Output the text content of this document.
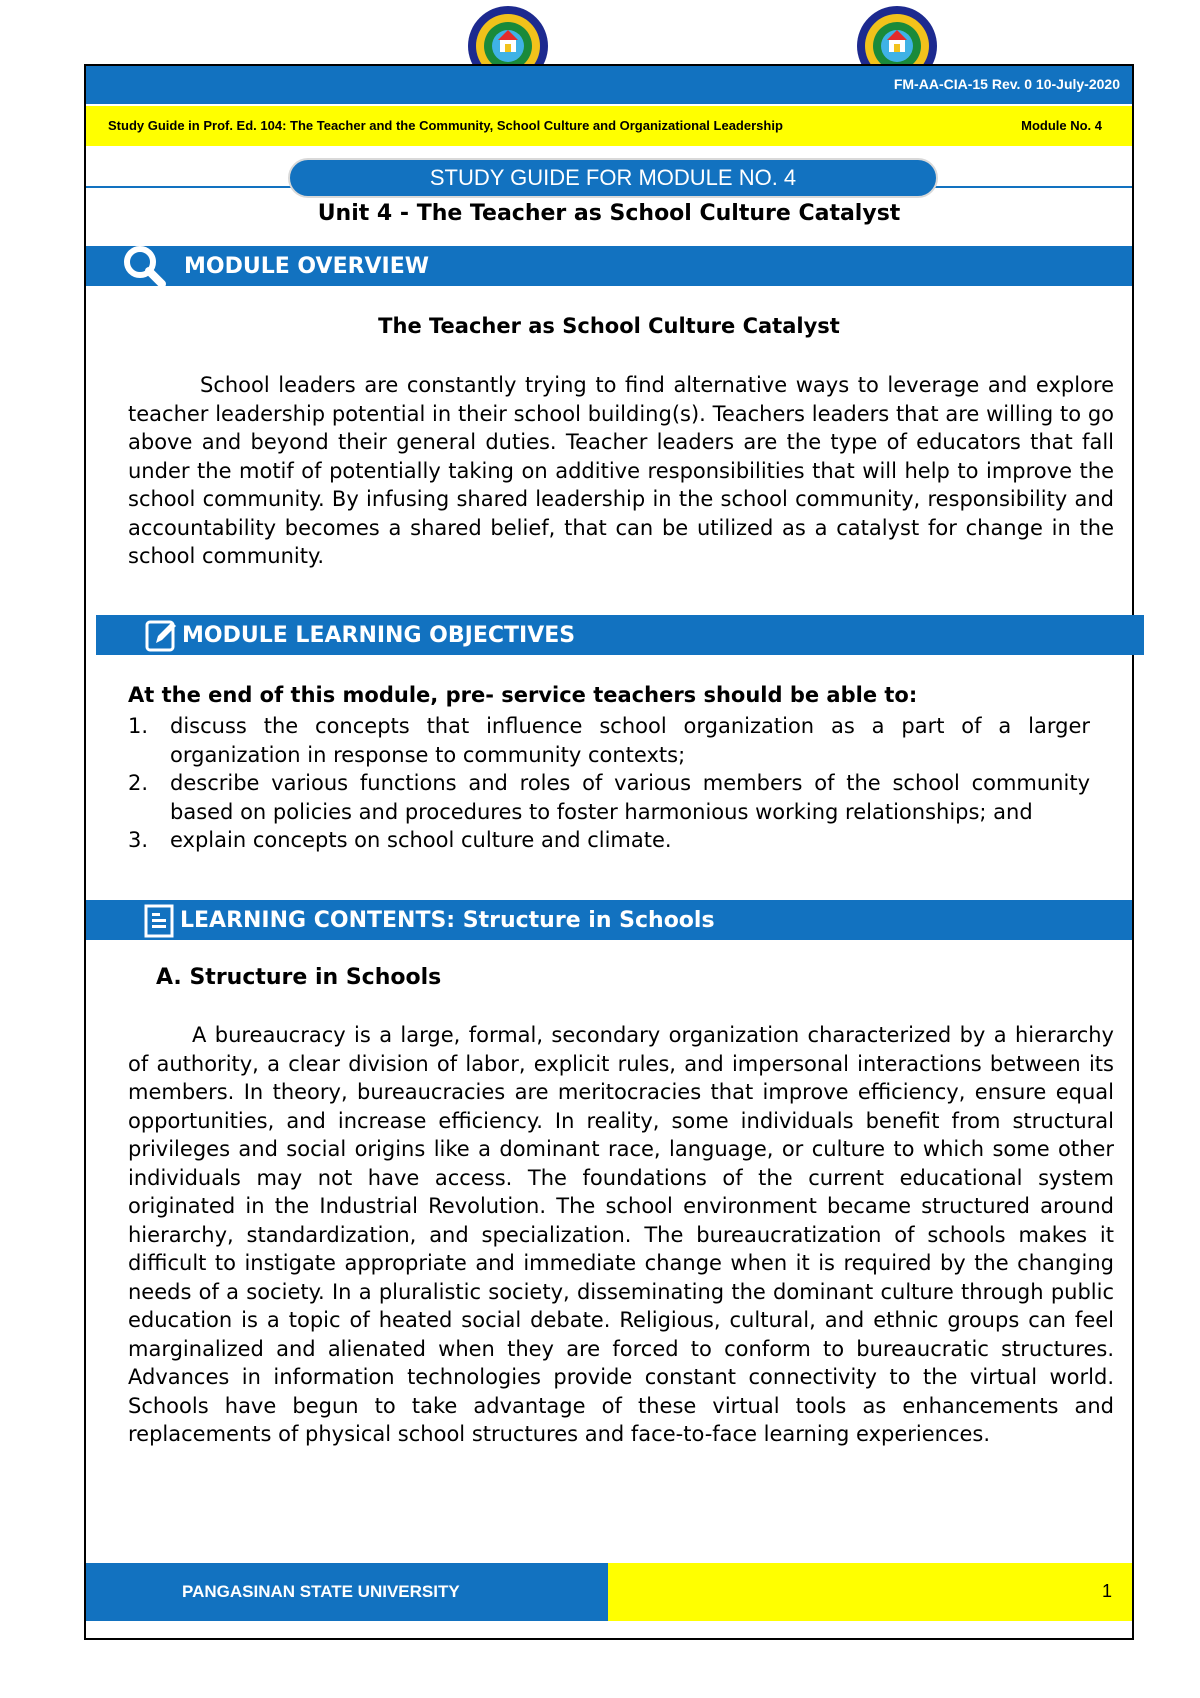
FM-AA-CIA-15 Rev. 0 10-July-2020
Study Guide in Prof. Ed. 104: The Teacher and the Community, School Culture and Organizational Leadership	Module No. 4
STUDY GUIDE FOR MODULE NO. 4
Unit 4 - The Teacher as School Culture Catalyst
MODULE OVERVIEW
The Teacher as School Culture Catalyst
School leaders are constantly trying to find alternative ways to leverage and explore teacher leadership potential in their school building(s). Teachers leaders that are willing to go above and beyond their general duties. Teacher leaders are the type of educators that fall under the motif of potentially taking on additive responsibilities that will help to improve the school community. By infusing shared leadership in the school community, responsibility and accountability becomes a shared belief, that can be utilized as a catalyst for change in the school community.
MODULE LEARNING OBJECTIVES
At the end of this module, pre- service teachers should be able to:
1. discuss the concepts that influence school organization as a part of a larger organization in response to community contexts;
2. describe various functions and roles of various members of the school community based on policies and procedures to foster harmonious working relationships; and
3. explain concepts on school culture and climate.
LEARNING CONTENTS: Structure in Schools
A. Structure in Schools
A bureaucracy is a large, formal, secondary organization characterized by a hierarchy of authority, a clear division of labor, explicit rules, and impersonal interactions between its members. In theory, bureaucracies are meritocracies that improve efficiency, ensure equal opportunities, and increase efficiency. In reality, some individuals benefit from structural privileges and social origins like a dominant race, language, or culture to which some other individuals may not have access. The foundations of the current educational system originated in the Industrial Revolution. The school environment became structured around hierarchy, standardization, and specialization. The bureaucratization of schools makes it difficult to instigate appropriate and immediate change when it is required by the changing needs of a society. In a pluralistic society, disseminating the dominant culture through public education is a topic of heated social debate. Religious, cultural, and ethnic groups can feel marginalized and alienated when they are forced to conform to bureaucratic structures. Advances in information technologies provide constant connectivity to the virtual world. Schools have begun to take advantage of these virtual tools as enhancements and replacements of physical school structures and face-to-face learning experiences.
PANGASINAN STATE UNIVERSITY	1
